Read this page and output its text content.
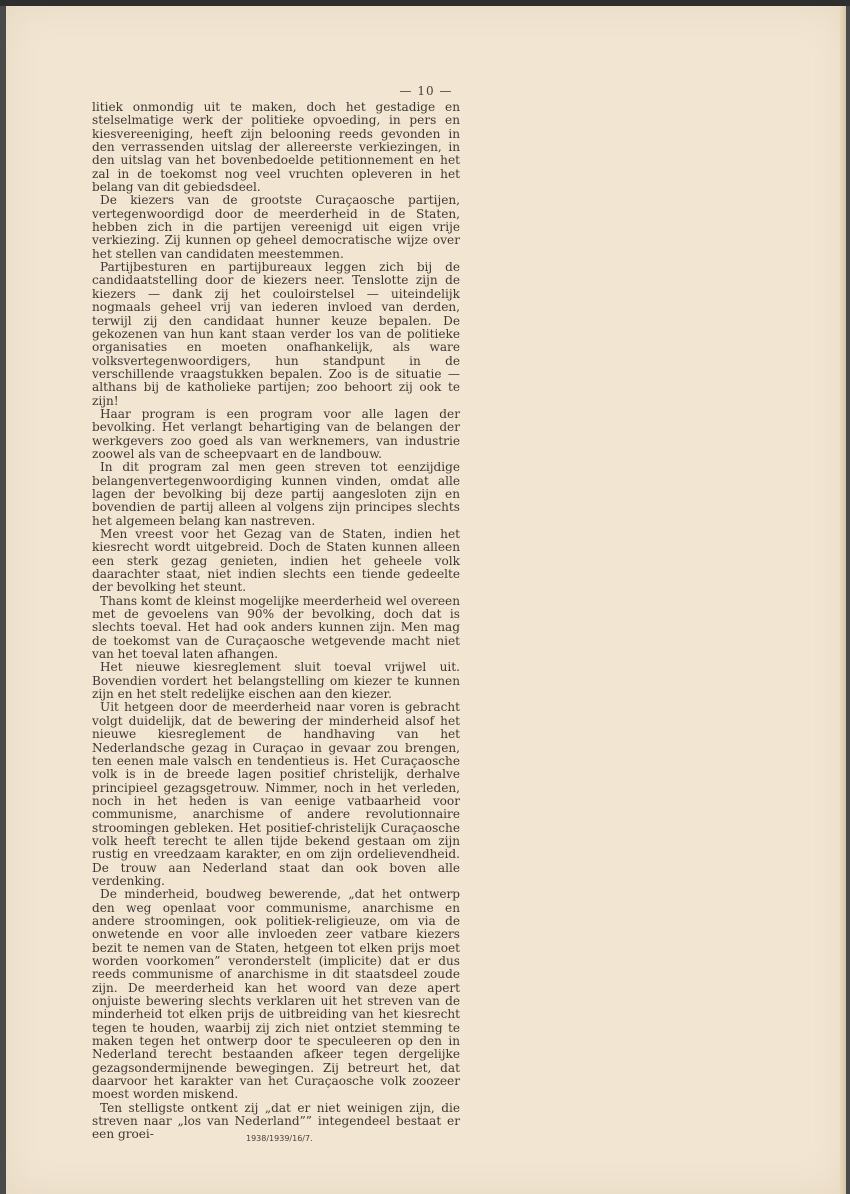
— 10 —

litiek onmondig uit te maken, doch het gestadige en stelselmatige werk der politieke opvoeding, in pers en kiesvereeniging, heeft zijn belooning reeds gevonden in den verrassenden uitslag der allereerste verkiezingen, in den uitslag van het bovenbedoelde petitionnement en het zal in de toekomst nog veel vruchten opleveren in het belang van dit gebiedsdeel.

De kiezers van de grootste Curaçaosche partijen, vertegenwoordigd door de meerderheid in de Staten, hebben zich in die partijen vereenigd uit eigen vrije verkiezing. Zij kunnen op geheel democratische wijze over het stellen van candidaten meestemmen.

Partijbesturen en partijbureaux leggen zich bij de candidaatstelling door de kiezers neer. Tenslotte zijn de kiezers — dank zij het couloirstelsel — uiteindelijk nogmaals geheel vrij van iederen invloed van derden, terwijl zij den candidaat hunner keuze bepalen. De gekozenen van hun kant staan verder los van de politieke organisaties en moeten onafhankelijk, als ware volksvertegenwoordigers, hun standpunt in de verschillende vraagstukken bepalen. Zoo is de situatie — althans bij de katholieke partijen; zoo behoort zij ook te zijn!

Haar program is een program voor alle lagen der bevolking. Het verlangt behartiging van de belangen der werkgevers zoo goed als van werknemers, van industrie zoowel als van de scheepvaart en de landbouw.

In dit program zal men geen streven tot eenzijdige belangenvertegenwoordiging kunnen vinden, omdat alle lagen der bevolking bij deze partij aangesloten zijn en bovendien de partij alleen al volgens zijn principes slechts het algemeen belang kan nastreven.

Men vreest voor het Gezag van de Staten, indien het kiesrecht wordt uitgebreid. Doch de Staten kunnen alleen een sterk gezag genieten, indien het geheele volk daarachter staat, niet indien slechts een tiende gedeelte der bevolking het steunt.

Thans komt de kleinst mogelijke meerderheid wel overeen met de gevoelens van 90% der bevolking, doch dat is slechts toeval. Het had ook anders kunnen zijn. Men mag de toekomst van de Curaçaosche wetgevende macht niet van het toeval laten afhangen.

Het nieuwe kiesreglement sluit toeval vrijwel uit. Bovendien vordert het belangstelling om kiezer te kunnen zijn en het stelt redelijke eischen aan den kiezer.

Uit hetgeen door de meerderheid naar voren is gebracht volgt duidelijk, dat de bewering der minderheid alsof het nieuwe kiesreglement de handhaving van het Nederlandsche gezag in Curaçao in gevaar zou brengen, ten eenen male valsch en tendentieus is. Het Curaçaosche volk is in de breede lagen positief christelijk, derhalve principieel gezagsgetrouw. Nimmer, noch in het verleden, noch in het heden is van eenige vatbaarheid voor communisme, anarchisme of andere revolutionnaire stroomingen gebleken. Het positief-christelijk Curaçaosche volk heeft terecht te allen tijde bekend gestaan om zijn rustig en vreedzaam karakter, en om zijn ordelievendheid. De trouw aan Nederland staat dan ook boven alle verdenking.

De minderheid, boudweg bewerende, „dat het ontwerp den weg openlaat voor communisme, anarchisme en andere stroomingen, ook politiek-religieuze, om via de onwetende en voor alle invloeden zeer vatbare kiezers bezit te nemen van de Staten, hetgeen tot elken prijs moet worden voorkomen” veronderstelt (implicite) dat er dus reeds communisme of anarchisme in dit staatsdeel zoude zijn. De meerderheid kan het woord van deze apert onjuiste bewering slechts verklaren uit het streven van de minderheid tot elken prijs de uitbreiding van het kiesrecht tegen te houden, waarbij zij zich niet ontziet stemming te maken tegen het ontwerp door te speculeeren op den in Nederland terecht bestaanden afkeer tegen dergelijke gezagsondermijnende bewegingen. Zij betreurt het, dat daarvoor het karakter van het Curaçaosche volk zoozeer moest worden miskend.

Ten stelligste ontkent zij „dat er niet weinigen zijn, die streven naar „los van Nederland”” integendeel bestaat er een groei-	1938/1939/16/7.
